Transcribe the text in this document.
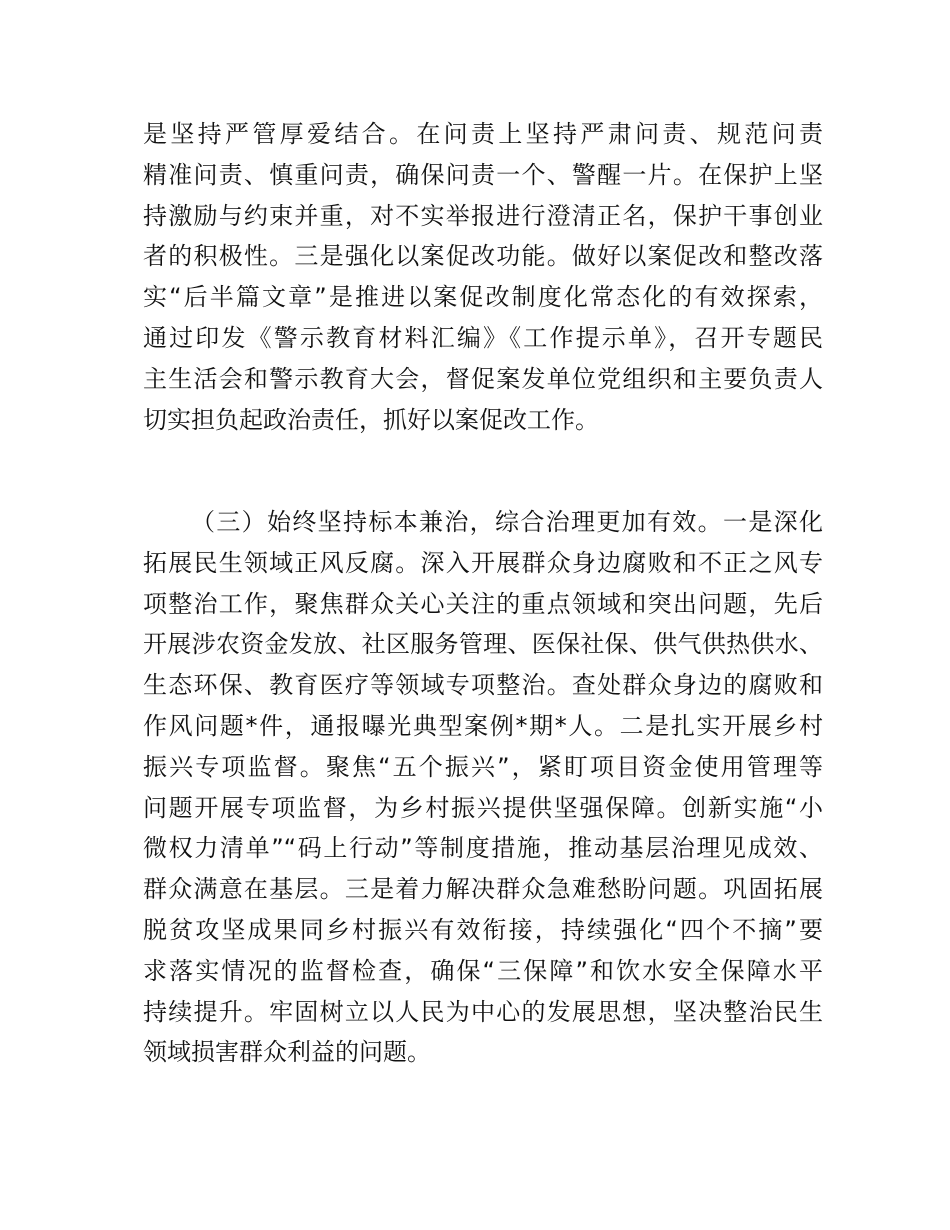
是坚持严管厚爱结合。在问责上坚持严肃问责、规范问责
精准问责、慎重问责，确保问责一个、警醒一片。在保护上坚
持激励与约束并重，对不实举报进行澄清正名，保护干事创业
者的积极性。三是强化以案促改功能。做好以案促改和整改落
实“后半篇文章”是推进以案促改制度化常态化的有效探索，
通过印发《警示教育材料汇编》《工作提示单》，召开专题民
主生活会和警示教育大会，督促案发单位党组织和主要负责人
切实担负起政治责任，抓好以案促改工作。
（三）始终坚持标本兼治，综合治理更加有效。一是深化
拓展民生领域正风反腐。深入开展群众身边腐败和不正之风专
项整治工作，聚焦群众关心关注的重点领域和突出问题，先后
开展涉农资金发放、社区服务管理、医保社保、供气供热供水、
生态环保、教育医疗等领域专项整治。查处群众身边的腐败和
作风问题*件，通报曝光典型案例*期*人。二是扎实开展乡村
振兴专项监督。聚焦“五个振兴”，紧盯项目资金使用管理等
问题开展专项监督，为乡村振兴提供坚强保障。创新实施“小
微权力清单”“码上行动”等制度措施，推动基层治理见成效、
群众满意在基层。三是着力解决群众急难愁盼问题。巩固拓展
脱贫攻坚成果同乡村振兴有效衔接，持续强化“四个不摘”要
求落实情况的监督检查，确保“三保障”和饮水安全保障水平
持续提升。牢固树立以人民为中心的发展思想，坚决整治民生
领域损害群众利益的问题。
